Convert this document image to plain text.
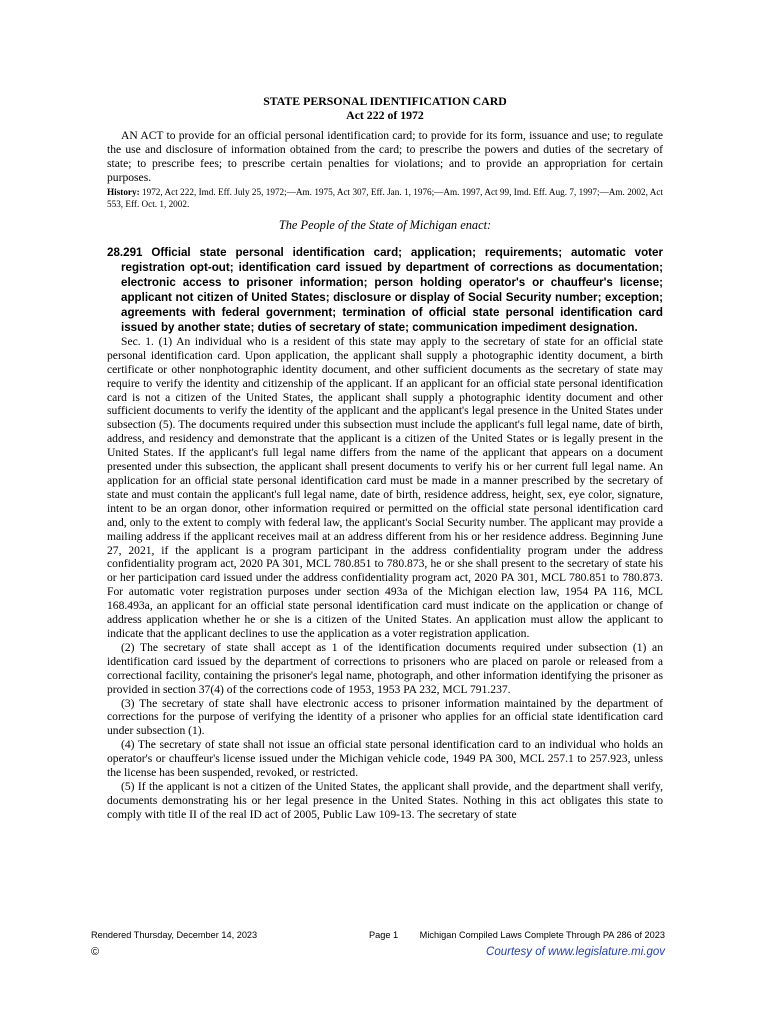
STATE PERSONAL IDENTIFICATION CARD

Act 222 of 1972

AN ACT to provide for an official personal identification card; to provide for its form, issuance and use; to regulate the use and disclosure of information obtained from the card; to prescribe the powers and duties of the secretary of state; to prescribe fees; to prescribe certain penalties for violations; and to provide an appropriation for certain purposes.

History: 1972, Act 222, Imd. Eff. July 25, 1972;—Am. 1975, Act 307, Eff. Jan. 1, 1976;—Am. 1997, Act 99, Imd. Eff. Aug. 7, 1997;—Am. 2002, Act 553, Eff. Oct. 1, 2002.

The People of the State of Michigan enact:

28.291 Official state personal identification card; application; requirements; automatic voter registration opt-out; identification card issued by department of corrections as documentation; electronic access to prisoner information; person holding operator's or chauffeur's license; applicant not citizen of United States; disclosure or display of Social Security number; exception; agreements with federal government; termination of official state personal identification card issued by another state; duties of secretary of state; communication impediment designation.

Sec. 1. (1) An individual who is a resident of this state may apply to the secretary of state for an official state personal identification card. Upon application, the applicant shall supply a photographic identity document, a birth certificate or other nonphotographic identity document, and other sufficient documents as the secretary of state may require to verify the identity and citizenship of the applicant. If an applicant for an official state personal identification card is not a citizen of the United States, the applicant shall supply a photographic identity document and other sufficient documents to verify the identity of the applicant and the applicant's legal presence in the United States under subsection (5). The documents required under this subsection must include the applicant's full legal name, date of birth, address, and residency and demonstrate that the applicant is a citizen of the United States or is legally present in the United States. If the applicant's full legal name differs from the name of the applicant that appears on a document presented under this subsection, the applicant shall present documents to verify his or her current full legal name. An application for an official state personal identification card must be made in a manner prescribed by the secretary of state and must contain the applicant's full legal name, date of birth, residence address, height, sex, eye color, signature, intent to be an organ donor, other information required or permitted on the official state personal identification card and, only to the extent to comply with federal law, the applicant's Social Security number. The applicant may provide a mailing address if the applicant receives mail at an address different from his or her residence address. Beginning June 27, 2021, if the applicant is a program participant in the address confidentiality program under the address confidentiality program act, 2020 PA 301, MCL 780.851 to 780.873, he or she shall present to the secretary of state his or her participation card issued under the address confidentiality program act, 2020 PA 301, MCL 780.851 to 780.873. For automatic voter registration purposes under section 493a of the Michigan election law, 1954 PA 116, MCL 168.493a, an applicant for an official state personal identification card must indicate on the application or change of address application whether he or she is a citizen of the United States. An application must allow the applicant to indicate that the applicant declines to use the application as a voter registration application.

(2) The secretary of state shall accept as 1 of the identification documents required under subsection (1) an identification card issued by the department of corrections to prisoners who are placed on parole or released from a correctional facility, containing the prisoner's legal name, photograph, and other information identifying the prisoner as provided in section 37(4) of the corrections code of 1953, 1953 PA 232, MCL 791.237.

(3) The secretary of state shall have electronic access to prisoner information maintained by the department of corrections for the purpose of verifying the identity of a prisoner who applies for an official state identification card under subsection (1).

(4) The secretary of state shall not issue an official state personal identification card to an individual who holds an operator's or chauffeur's license issued under the Michigan vehicle code, 1949 PA 300, MCL 257.1 to 257.923, unless the license has been suspended, revoked, or restricted.

(5) If the applicant is not a citizen of the United States, the applicant shall provide, and the department shall verify, documents demonstrating his or her legal presence in the United States. Nothing in this act obligates this state to comply with title II of the real ID act of 2005, Public Law 109-13. The secretary of state

Rendered Thursday, December 14, 2023	Page 1 Michigan Compiled Laws Complete Through PA 286 of 2023
©	Courtesy of www.legislature.mi.gov
